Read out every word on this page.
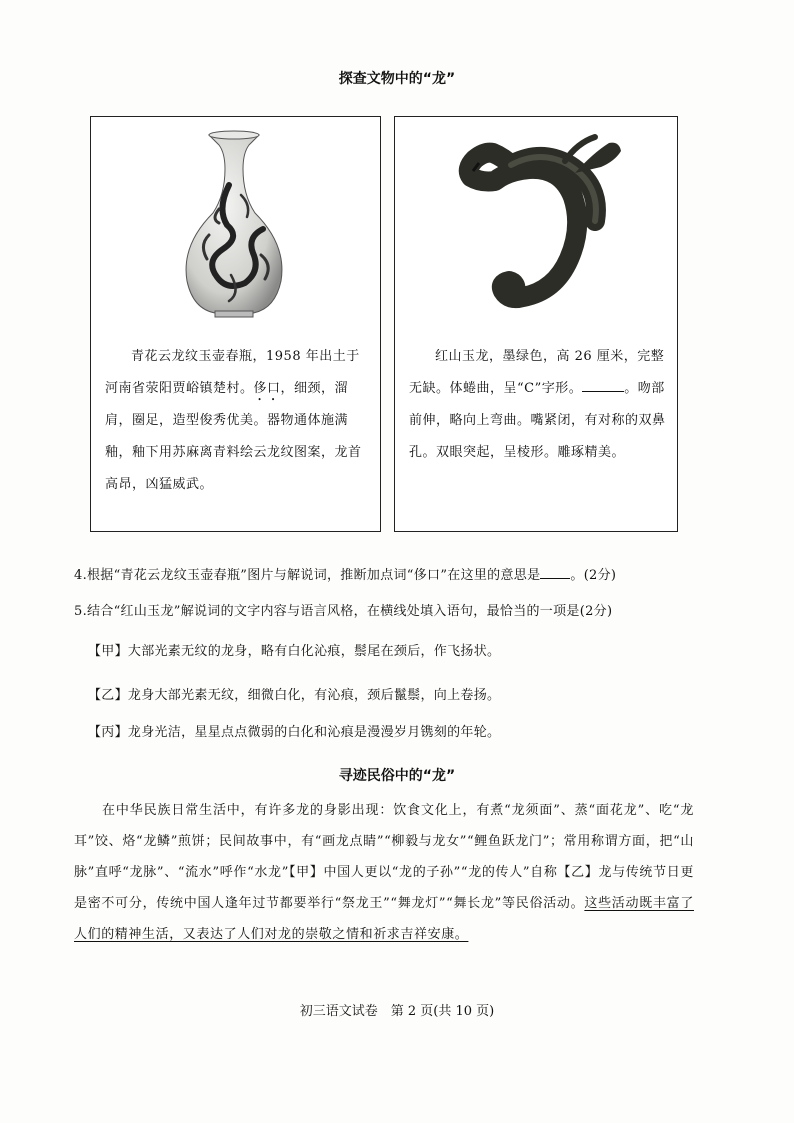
探查文物中的“龙”
青花云龙纹玉壶春瓶，1958 年出土于河南省荥阳贾峪镇楚村。侈口，细颈，溜肩，圈足，造型俊秀优美。器物通体施满釉，釉下用苏麻离青料绘云龙纹图案，龙首高昂，凶猛威武。
红山玉龙，墨绿色，高 26 厘米，完整无缺。体蜷曲，呈“C”字形。	。吻部前伸，略向上弯曲。嘴紧闭，有对称的双鼻孔。双眼突起，呈棱形。雕琢精美。
4.根据“青花云龙纹玉壶春瓶”图片与解说词，推断加点词“侈口”在这里的意思是 。(2分)
5.结合“红山玉龙”解说词的文字内容与语言风格，在横线处填入语句，最恰当的一项是(2分)
【甲】大部光素无纹的龙身，略有白化沁痕，鬃尾在颈后，作飞扬状。
【乙】龙身大部光素无纹，细微白化，有沁痕，颈后鬣鬃，向上卷扬。
【丙】龙身光洁，星星点点微弱的白化和沁痕是漫漫岁月镌刻的年轮。
寻迹民俗中的“龙”
在中华民族日常生活中，有许多龙的身影出现：饮食文化上，有煮“龙须面”、蒸“面花龙”、吃“龙耳”饺、烙“龙鳞”煎饼；民间故事中，有“画龙点睛”“柳毅与龙女”“鲤鱼跃龙门”；常用称谓方面，把“山脉”直呼“龙脉”、“流水”呼作“水龙”【甲】中国人更以“龙的子孙”“龙的传人”自称【乙】龙与传统节日更是密不可分，传统中国人逢年过节都要举行“祭龙王”“舞龙灯”“舞长龙”等民俗活动。这些活动既丰富了人们的精神生活，又表达了人们对龙的崇敬之情和祈求吉祥安康。
初三语文试卷　第 2 页(共 10 页)
